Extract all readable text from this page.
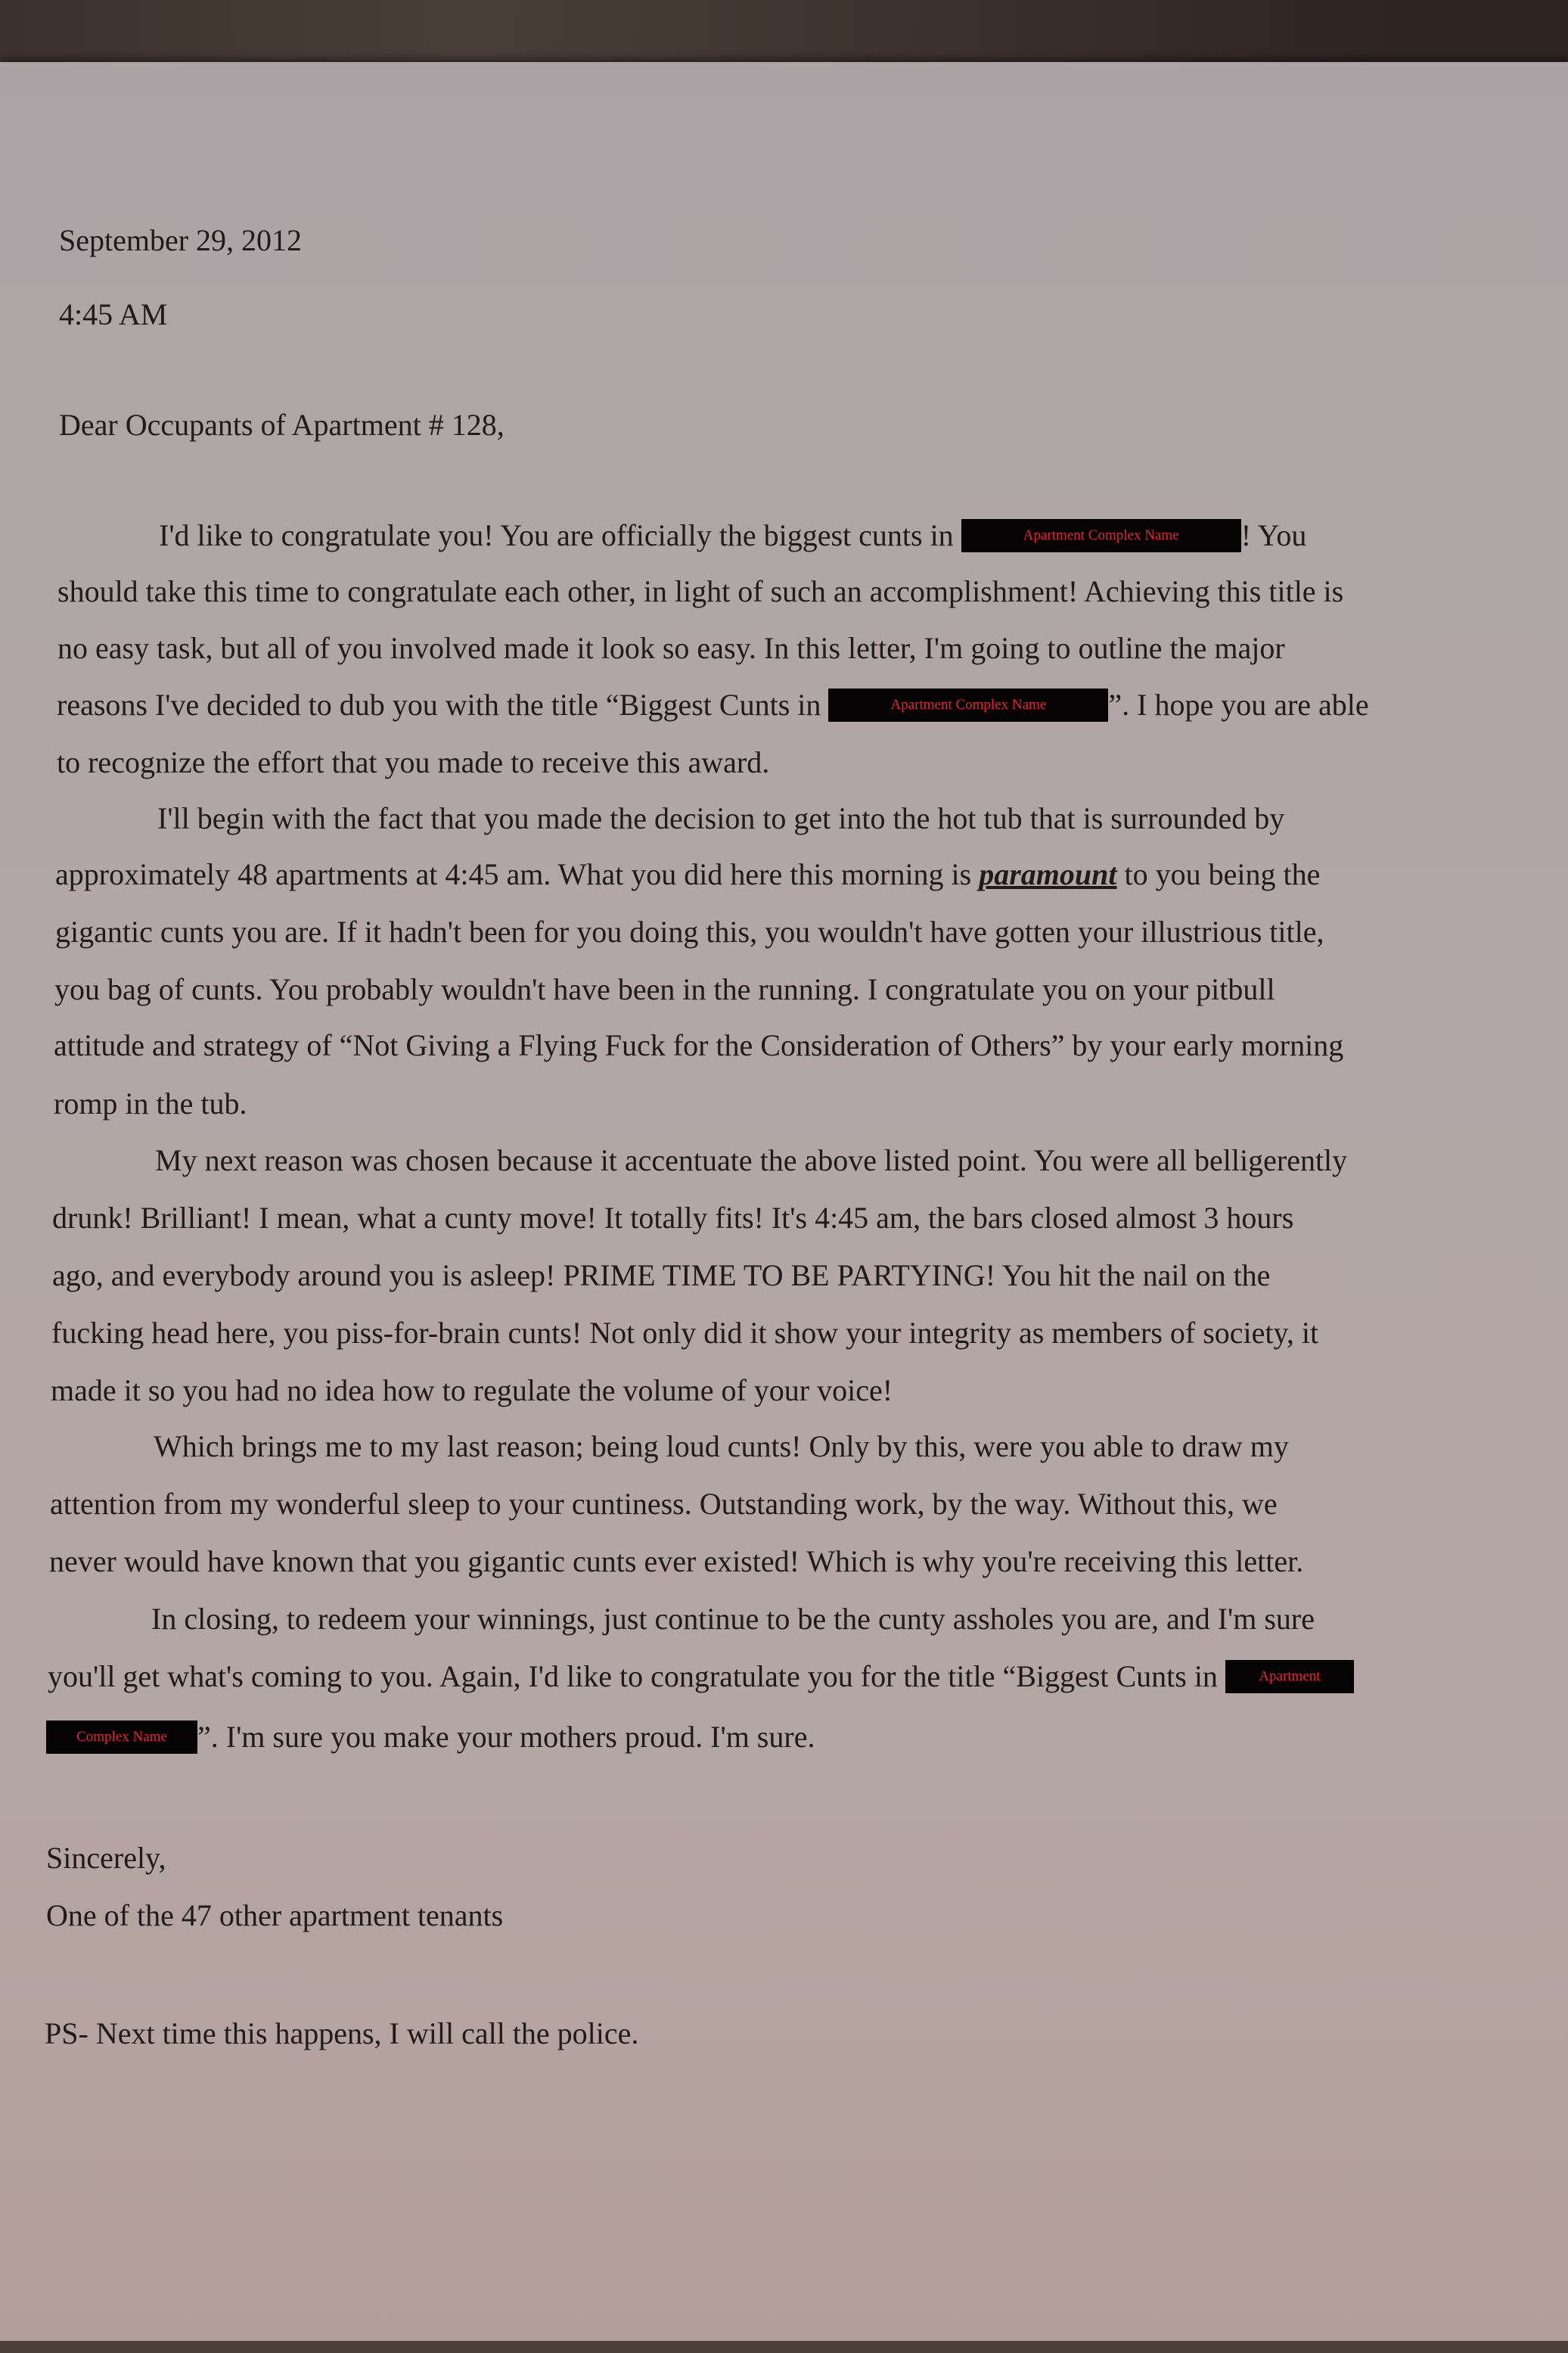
September 29, 2012
4:45 AM
Dear Occupants of Apartment # 128,
I'd like to congratulate you! You are officially the biggest cunts in	Apartment Complex Name ! You
should take this time to congratulate each other, in light of such an accomplishment! Achieving this title is
no easy task, but all of you involved made it look so easy. In this letter, I'm going to outline the major
reasons I've decided to dub you with the title “Biggest Cunts in	Apartment Complex Name ”. I hope you are able
to recognize the effort that you made to receive this award.
I'll begin with the fact that you made the decision to get into the hot tub that is surrounded by
approximately 48 apartments at 4:45 am. What you did here this morning is paramount to you being the
gigantic cunts you are. If it hadn't been for you doing this, you wouldn't have gotten your illustrious title,
you bag of cunts. You probably wouldn't have been in the running. I congratulate you on your pitbull
attitude and strategy of “Not Giving a Flying Fuck for the Consideration of Others” by your early morning
romp in the tub.
My next reason was chosen because it accentuate the above listed point. You were all belligerently
drunk! Brilliant! I mean, what a cunty move! It totally fits! It's 4:45 am, the bars closed almost 3 hours
ago, and everybody around you is asleep! PRIME TIME TO BE PARTYING! You hit the nail on the
fucking head here, you piss-for-brain cunts! Not only did it show your integrity as members of society, it
made it so you had no idea how to regulate the volume of your voice!
Which brings me to my last reason; being loud cunts! Only by this, were you able to draw my
attention from my wonderful sleep to your cuntiness. Outstanding work, by the way. Without this, we
never would have known that you gigantic cunts ever existed! Which is why you're receiving this letter.
In closing, to redeem your winnings, just continue to be the cunty assholes you are, and I'm sure
you'll get what's coming to you. Again, I'd like to congratulate you for the title “Biggest Cunts in Apartment
Complex Name ”. I'm sure you make your mothers proud. I'm sure.
Sincerely,
One of the 47 other apartment tenants
PS- Next time this happens, I will call the police.
